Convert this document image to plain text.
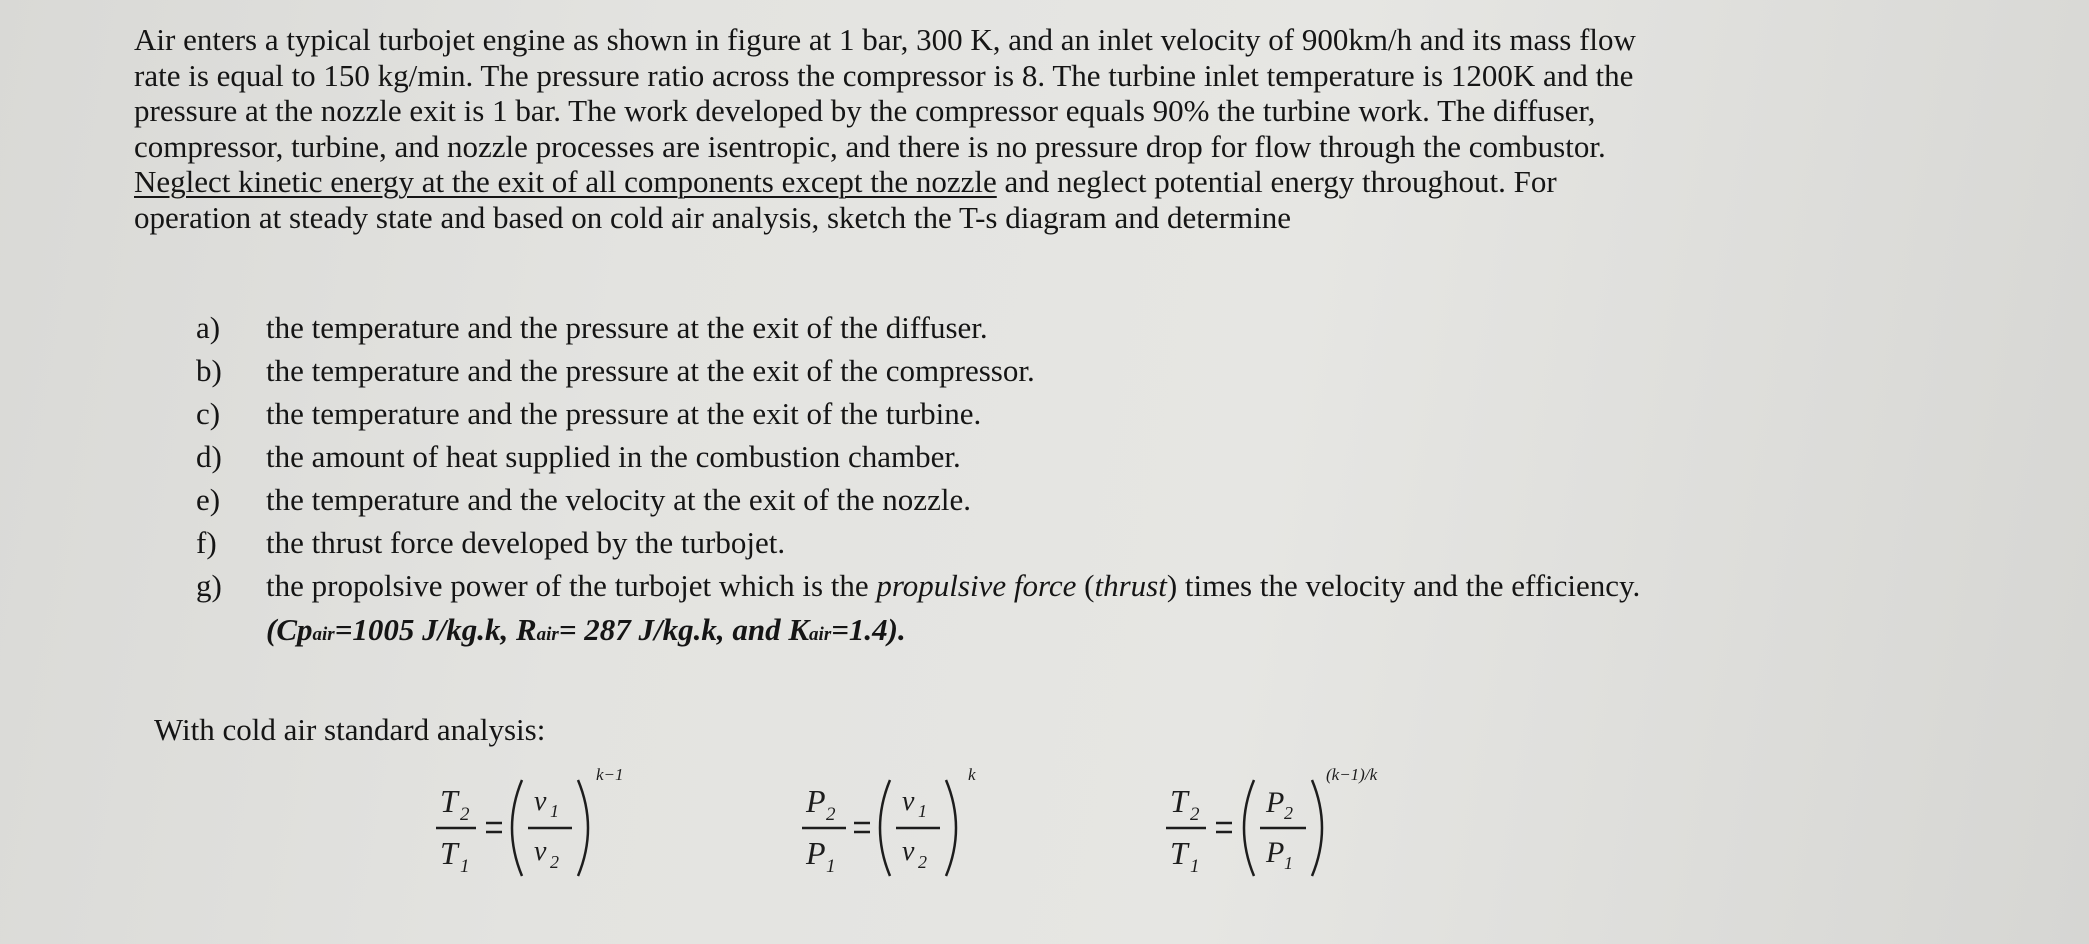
Air enters a typical turbojet engine as shown in figure at 1 bar, 300 K, and an inlet velocity of 900km/h and its mass flow
rate is equal to 150 kg/min. The pressure ratio across the compressor is 8. The turbine inlet temperature is 1200K and the
pressure at the nozzle exit is 1 bar. The work developed by the compressor equals 90% the turbine work. The diffuser,
compressor, turbine, and nozzle processes are isentropic, and there is no pressure drop for flow through the combustor.
Neglect kinetic energy at the exit of all components except the nozzle and neglect potential energy throughout. For
operation at steady state and based on cold air analysis, sketch the T-s diagram and determine

a)	the temperature and the pressure at the exit of the diffuser.
b)	the temperature and the pressure at the exit of the compressor.
c)	the temperature and the pressure at the exit of the turbine.
d)	the amount of heat supplied in the combustion chamber.
e)	the temperature and the velocity at the exit of the nozzle.
f)	the thrust force developed by the turbojet.
g)	the propolsive power of the turbojet which is the propulsive force (thrust) times the velocity and the efficiency.
(Cpair=1005 J/kg.k, Rair= 287 J/kg.k, and Kair=1.4).
With cold air standard analysis:
T 2
T 1
v 1
v 2
k−1
P 2
P 1
v 1
v 2
k
T 2
T 1
P 2
P 1
(k−1)/k
